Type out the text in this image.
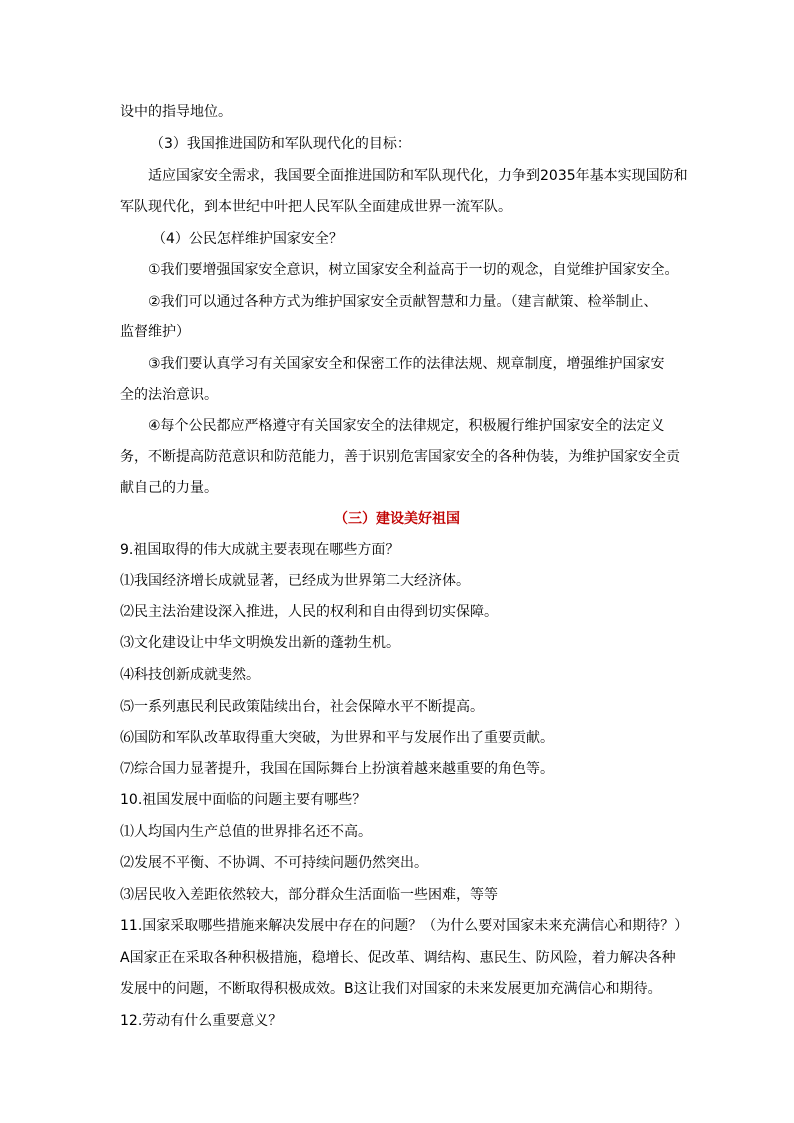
设中的指导地位。

（3）我国推进国防和军队现代化的目标：

适应国家安全需求，我国要全面推进国防和军队现代化，力争到2035年基本实现国防和

军队现代化，到本世纪中叶把人民军队全面建成世界一流军队。

（4）公民怎样维护国家安全？

①我们要增强国家安全意识，树立国家安全利益高于一切的观念，自觉维护国家安全。

②我们可以通过各种方式为维护国家安全贡献智慧和力量。（建言献策、检举制止、

监督维护）

③我们要认真学习有关国家安全和保密工作的法律法规、规章制度，增强维护国家安

全的法治意识。

④每个公民都应严格遵守有关国家安全的法律规定，积极履行维护国家安全的法定义

务，不断提高防范意识和防范能力，善于识别危害国家安全的各种伪装，为维护国家安全贡

献自己的力量。

（三）建设美好祖国

9.祖国取得的伟大成就主要表现在哪些方面？

⑴我国经济增长成就显著，已经成为世界第二大经济体。

⑵民主法治建设深入推进，人民的权利和自由得到切实保障。

⑶文化建设让中华文明焕发出新的蓬勃生机。

⑷科技创新成就斐然。

⑸一系列惠民利民政策陆续出台，社会保障水平不断提高。

⑹国防和军队改革取得重大突破，为世界和平与发展作出了重要贡献。

⑺综合国力显著提升，我国在国际舞台上扮演着越来越重要的角色等。

10.祖国发展中面临的问题主要有哪些？

⑴人均国内生产总值的世界排名还不高。

⑵发展不平衡、不协调、不可持续问题仍然突出。

⑶居民收入差距依然较大，部分群众生活面临一些困难，等等

11.国家采取哪些措施来解决发展中存在的问题？（为什么要对国家未来充满信心和期待？）

A国家正在采取各种积极措施，稳增长、促改革、调结构、惠民生、防风险，着力解决各种

发展中的问题，不断取得积极成效。B这让我们对国家的未来发展更加充满信心和期待。

12.劳动有什么重要意义？
